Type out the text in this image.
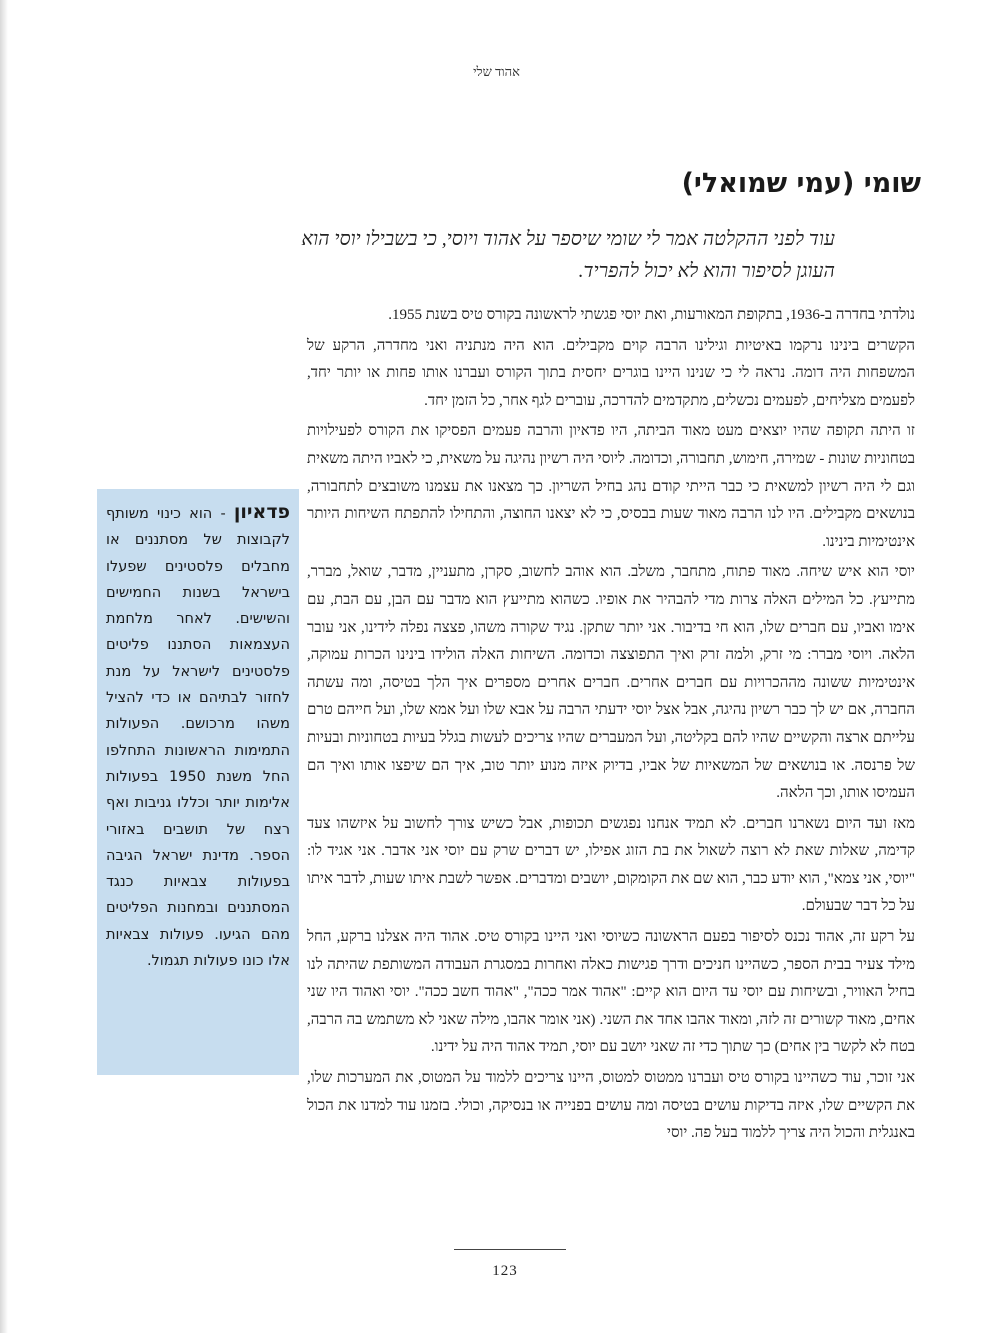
אהוד שלי
שומי (עמי שמואלי)

עוד לפני ההקלטה אמר לי שומי שיספר על אהוד ויוסי, כי בשבילו יוסי הוא העוגן לסיפור והוא לא יכול להפריד.

נולדתי בחדרה ב-1936, בתקופת המאורעות, ואת יוסי פגשתי לראשונה בקורס טיס בשנת 1955.

הקשרים בינינו נרקמו באיטיות וגילינו הרבה קוים מקבילים. הוא היה מנתניה ואני מחדרה, הרקע של המשפחות היה דומה. נראה לי כי שנינו היינו בוגרים יחסית בתוך הקורס ועברנו אותו פחות או יותר יחד, לפעמים מצליחים, לפעמים נכשלים, מתקדמים להדרכה, עוברים לגף אחר, כל הזמן יחד.

זו היתה תקופה שהיו יוצאים מעט מאוד הביתה, היו פדאיון והרבה פעמים הפסיקו את הקורס לפעילויות בטחוניות שונות - שמירה, חימוש, תחבורה, וכדומה. ליוסי היה רשיון נהיגה על משאית, כי לאביו היתה משאית וגם לי היה רשיון למשאית כי כבר הייתי קודם נהג בחיל השריון. כך מצאנו את עצמנו משובצים לתחבורה, בנושאים מקבילים. היו לנו הרבה מאוד שעות בבסיס, כי לא יצאנו החוצה, והתחילו להתפתח השיחות היותר אינטימיות בינינו.

יוסי הוא איש שיחה. מאוד פתוח, מתחבר, משלב. הוא אוהב לחשוב, סקרן, מתעניין, מדבר, שואל, מברר, מתייעץ. כל המילים האלה צרות מדי להבהיר את אופיו. כשהוא מתייעץ הוא מדבר עם הבן, עם הבת, עם אימו ואביו, עם חברים שלו, הוא חי בדיבור. אני יותר שתקן. נגיד שקורה משהו, פצצה נפלה לידינו, אני עובר הלאה. ויוסי מברר: מי זרק, ולמה זרק ואיך התפוצצה וכדומה. השיחות האלה הולידו בינינו הכרות עמוקה, אינטימיות ששונה מההכרויות עם חברים אחרים. חברים אחרים מספרים איך הלך בטיסה, ומה עשתה החברה, אם יש לך כבר רשיון נהיגה, אבל אצל יוסי ידעתי הרבה על אבא שלו ועל אמא שלו, ועל חייהם טרם עלייתם ארצה והקשיים שהיו להם בקליטה, ועל המעברים שהיו צריכים לעשות בגלל בעיות בטחוניות ובעיות של פרנסה. או בנושאים של המשאיות של אביו, בדיוק איזה מנוע יותר טוב, איך הם שיפצו אותו ואיך הם העמיסו אותו, וכך הלאה.

מאז ועד היום נשארנו חברים. לא תמיד אנחנו נפגשים תכופות, אבל כשיש צורך לחשוב על איזשהו צעד קדימה, שאלות שאת לא רוצה לשאול את בת הזוג אפילו, יש דברים שרק עם יוסי אני אדבר. אני אגיד לו: "יוסי, אני צמא", הוא יודע כבר, הוא שם את הקומקום, יושבים ומדברים. אפשר לשבת איתו שעות, לדבר איתו על כל דבר שבעולם.

על רקע זה, אהוד נכנס לסיפור בפעם הראשונה כשיוסי ואני היינו בקורס טיס. אהוד היה אצלנו ברקע, החל מילד צעיר בבית הספר, כשהיינו חניכים ודרך פגישות כאלה ואחרות במסגרת העבודה המשותפת שהיתה לנו בחיל האוויר, ובשיחות עם יוסי עד היום הוא קיים: "אהוד אמר ככה", "אהוד חשב ככה". יוסי ואהוד היו שני אחים, מאוד קשורים זה לזה, ומאוד אהבו אחד את השני. (אני אומר אהבו, מילה שאני לא משתמש בה הרבה, בטח לא לקשר בין אחים) כך שתוך כדי זה שאני יושב עם יוסי, תמיד אהוד היה על ידינו.

אני זוכר, עוד כשהיינו בקורס טיס ועברנו ממטוס למטוס, היינו צריכים ללמוד על המטוס, את המערכות שלו, את הקשיים שלו, איזה בדיקות עושים בטיסה ומה עושים בפנייה או בנסיקה, וכולי. בזמנו עוד למדנו את הכול באנגלית והכול היה צריך ללמוד בעל פה. יוסי

פדאיון - הוא כינוי משותף לקבוצות של מסתננים או מחבלים פלסטינים שפעלו בישראל בשנות החמישים והשישים. לאחר מלחמת העצמאות הסתננו פליטים פלסטינים לישראל על מנת לחזור לבתיהם או כדי להציל משהו מרכושם. הפעולות התמימות הראשונות התחלפו החל משנת 1950 בפעולות אלימות יותר וכללו גניבות ואף רצח של תושבים באזורי הספר. מדינת ישראל הגיבה בפעולות צבאיות כנגד המסתננים ובמחנות הפליטים מהם הגיעו. פעולות צבאיות אלו כונו פעולות תגמול.
123
